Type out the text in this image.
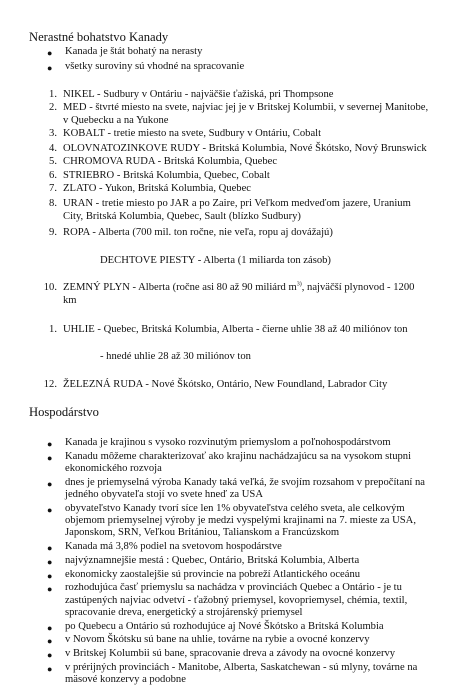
Nerastné bohatstvo Kanady
● Kanada je štát bohatý na nerasty
● všetky suroviny sú vhodné na spracovanie
1. NIKEL - Sudbury v Ontáriu - najväčšie ťažiská, pri Thompsone
2. MED - štvrté miesto na svete, najviac jej je v Britskej Kolumbii, v severnej Manitobe,
v Quebecku a na Yukone
3. KOBALT - tretie miesto na svete, Sudbury v Ontáriu, Cobalt
4. OLOVNATOZINKOVE RUDY - Britská Kolumbia, Nové Škótsko, Nový Brunswick
5. CHROMOVA RUDA - Britská Kolumbia, Quebec
6. STRIEBRO - Britská Kolumbia, Quebec, Cobalt
7. ZLATO - Yukon, Britská Kolumbia, Quebec
8. URAN - tretie miesto po JAR a po Zaire, pri Veľkom medveďom jazere, Uranium
City, Britská Kolumbia, Quebec, Sault (blízko Sudbury)
9. ROPA - Alberta (700 mil. ton ročne, nie veľa, ropu aj dovážajú)
DECHTOVE PIESTY - Alberta (1 miliarda ton zásob)
10. ZEMNÝ PLYN - Alberta (ročne asi 80 až 90 miliárd $m^{3)}$, najväčší plynovod - 1200
km
1. UHLIE - Quebec, Britská Kolumbia, Alberta - čierne uhlie 38 až 40 miliónov ton
- hnedé uhlie 28 až 30 miliónov ton
12. ŽELEZNÁ RUDA - Nové Škótsko, Ontário, New Foundland, Labrador City
Hospodárstvo
● Kanada je krajinou s vysoko rozvinutým priemyslom a poľnohospodárstvom
● Kanadu môžeme charakterizovať ako krajinu nachádzajúcu sa na vysokom stupni
ekonomického rozvoja
● dnes je priemyselná výroba Kanady taká veľká, že svojím rozsahom v prepočítaní na
jedného obyvateľa stojí vo svete hneď za USA
● obyvateľstvo Kanady tvorí síce len 1% obyvateľstva celého sveta, ale celkovým
objemom priemyselnej výroby je medzi vyspelými krajinami na 7. mieste za USA,
Japonskom, SRN, Veľkou Britániou, Talianskom a Francúzskom
● Kanada má 3,8% podiel na svetovom hospodárstve
● najvýznamnejšie mestá : Quebec, Ontário, Britská Kolumbia, Alberta
● ekonomicky zaostalejšie sú provincie na pobreží Atlantického oceánu
● rozhodujúca časť priemyslu sa nachádza v provinciách Quebec a Ontário - je tu
zastúpených najviac odvetví - ťažobný priemysel, kovopriemysel, chémia, textil,
spracovanie dreva, energetický a strojárenský priemysel
● po Quebecu a Ontário sú rozhodujúce aj Nové Škótsko a Britská Kolumbia
● v Novom Škótsku sú bane na uhlie, továrne na rybie a ovocné konzervy
● v Britskej Kolumbii sú bane, spracovanie dreva a závody na ovocné konzervy
● v prérijných provinciách - Manitobe, Alberta, Saskatchewan - sú mlyny, továrne na
mäsové konzervy a podobne
